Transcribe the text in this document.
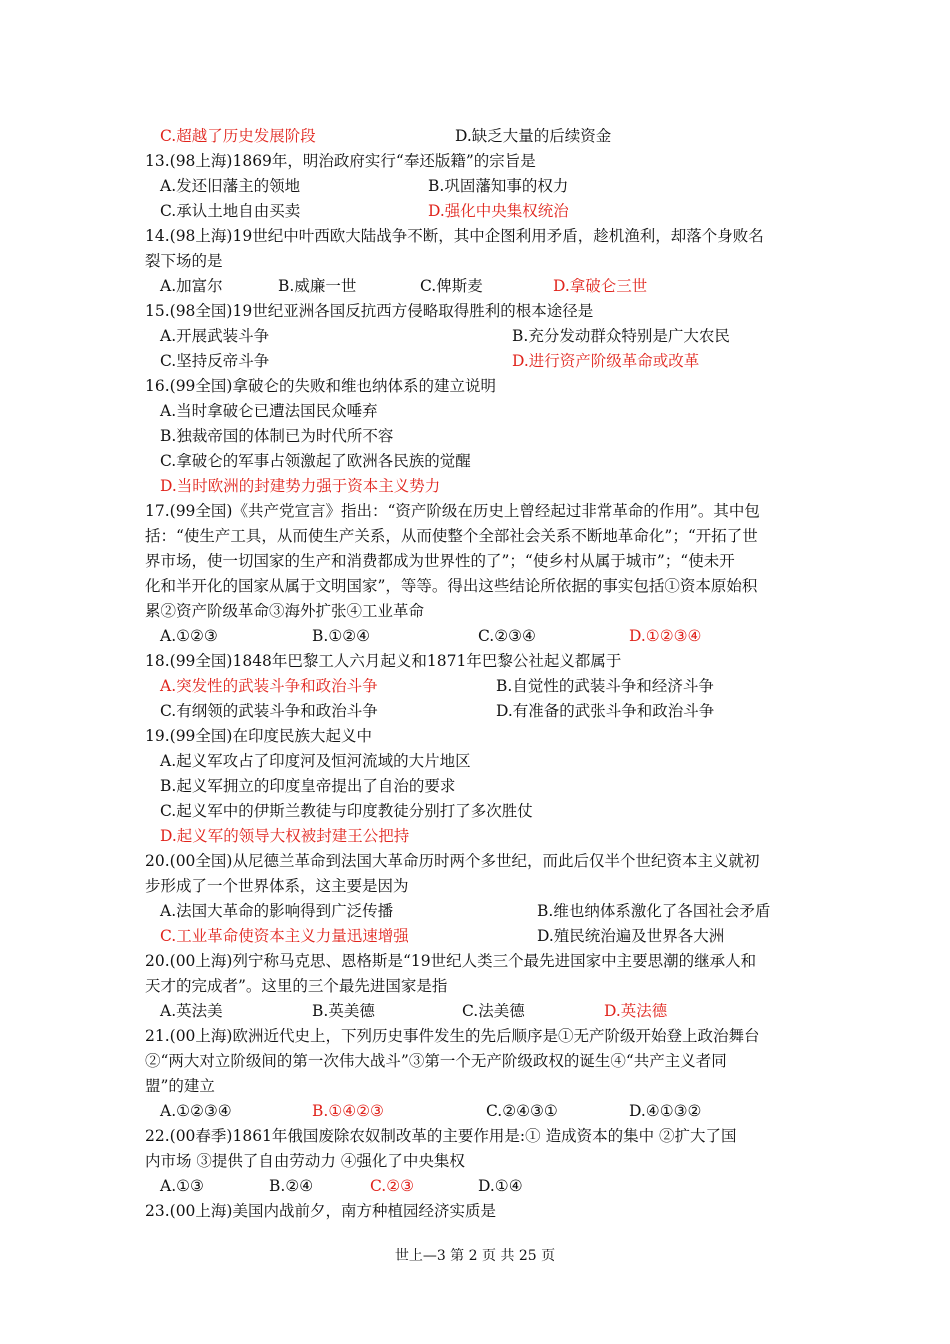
C.超越了历史发展阶段	D.缺乏大量的后续资金
13.(98上海)1869年，明治政府实行“奉还版籍”的宗旨是
A.发还旧藩主的领地	B.巩固藩知事的权力
C.承认土地自由买卖	D.强化中央集权统治
14.(98上海)19世纪中叶西欧大陆战争不断，其中企图利用矛盾，趁机渔利，却落个身败名
裂下场的是
A.加富尔	B.威廉一世	C.俾斯麦	D.拿破仑三世
15.(98全国)19世纪亚洲各国反抗西方侵略取得胜利的根本途径是
A.开展武装斗争	B.充分发动群众特别是广大农民
C.坚持反帝斗争	D.进行资产阶级革命或改革
16.(99全国)拿破仑的失败和维也纳体系的建立说明
A.当时拿破仑已遭法国民众唾弃
B.独裁帝国的体制已为时代所不容
C.拿破仑的军事占领激起了欧洲各民族的觉醒
D.当时欧洲的封建势力强于资本主义势力
17.(99全国)《共产党宣言》指出：“资产阶级在历史上曾经起过非常革命的作用”。其中包
括：“使生产工具，从而使生产关系，从而使整个全部社会关系不断地革命化”；“开拓了世
界市场，使一切国家的生产和消费都成为世界性的了”；“使乡村从属于城市”；“使未开
化和半开化的国家从属于文明国家”，等等。得出这些结论所依据的事实包括①资本原始积
累②资产阶级革命③海外扩张④工业革命
A.①②③	B.①②④	C.②③④	D.①②③④
18.(99全国)1848年巴黎工人六月起义和1871年巴黎公社起义都属于
A.突发性的武装斗争和政治斗争	B.自觉性的武装斗争和经济斗争
C.有纲领的武装斗争和政治斗争	D.有准备的武张斗争和政治斗争
19.(99全国)在印度民族大起义中
A.起义军攻占了印度河及恒河流域的大片地区
B.起义军拥立的印度皇帝提出了自治的要求
C.起义军中的伊斯兰教徒与印度教徒分别打了多次胜仗
D.起义军的领导大权被封建王公把持
20.(00全国)从尼德兰革命到法国大革命历时两个多世纪，而此后仅半个世纪资本主义就初
步形成了一个世界体系，这主要是因为
A.法国大革命的影响得到广泛传播	B.维也纳体系激化了各国社会矛盾
C.工业革命使资本主义力量迅速增强	D.殖民统治遍及世界各大洲
20.(00上海)列宁称马克思、恩格斯是“19世纪人类三个最先进国家中主要思潮的继承人和
天才的完成者”。这里的三个最先进国家是指
A.英法美	B.英美德	C.法美德	D.英法德
21.(00上海)欧洲近代史上，下列历史事件发生的先后顺序是①无产阶级开始登上政治舞台
②“两大对立阶级间的第一次伟大战斗”③第一个无产阶级政权的诞生④“共产主义者同
盟”的建立
A.①②③④	B.①④②③	C.②④③①	D.④①③②
22.(00春季)1861年俄国废除农奴制改革的主要作用是:① 造成资本的集中 ②扩大了国
内市场 ③提供了自由劳动力 ④强化了中央集权
A.①③	B.②④	C.②③	D.①④
23.(00上海)美国内战前夕，南方种植园经济实质是
世上—3 第 2 页 共 25 页
